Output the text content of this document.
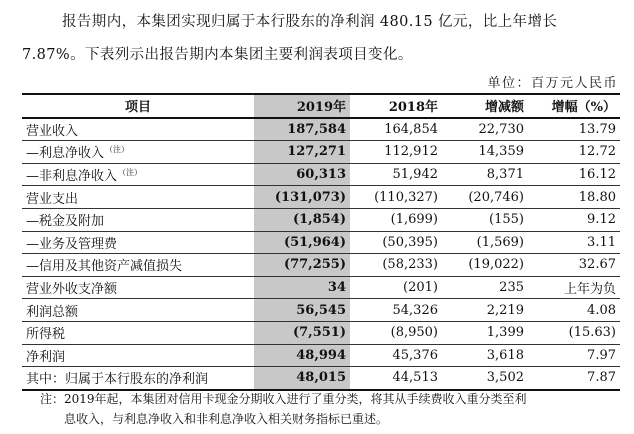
报告期内，本集团实现归属于本行股东的净利润 480.15 亿元，比上年增长
7.87%。下表列示出报告期内本集团主要利润表项目变化。
单位：百万元人民币
项目	2019年	2018年	增减额	增幅（%）
营业收入	187,584	164,854	22,730	13.79
—利息净收入$^{(注)}$	127,271	112,912	14,359	12.72
—非利息净收入$^{(注)}$	60,313	51,942	8,371	16.12
营业支出	(131,073)	(110,327)	(20,746)	18.80
—税金及附加	(1,854)	(1,699)	(155)	9.12
—业务及管理费	(51,964)	(50,395)	(1,569)	3.11
—信用及其他资产减值损失	(77,255)	(58,233)	(19,022)	32.67
营业外收支净额	34	(201)	235	上年为负
利润总额	56,545	54,326	2,219	4.08
所得税	(7,551)	(8,950)	1,399	(15.63)
净利润	48,994	45,376	3,618	7.97
其中：归属于本行股东的净利润	48,015	44,513	3,502	7.87
注：2019年起，本集团对信用卡现金分期收入进行了重分类，将其从手续费收入重分类至利
息收入，与利息净收入和非利息净收入相关财务指标已重述。
